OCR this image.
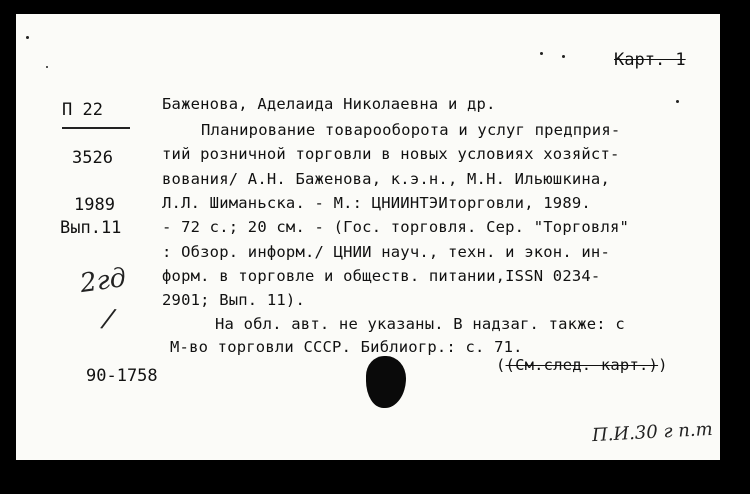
Карт. 1
П 22
3526
1989
Вып.11
2гд
/
90-1758
Баженова, Аделаида Николаевна и др.
Планирование товарооборота и услуг предприя-
тий розничной торговли в новых условиях хозяйст-
вования/ А.Н. Баженова, к.э.н., М.Н. Ильюшкина,
Л.Л. Шиманьска. - М.: ЦНИИНТЭИторговли, 1989.
- 72 с.; 20 см. - (Гос. торговля. Сер. "Торговля"
: Обзор. информ./ ЦНИИ науч., техн. и экон. ин-
форм. в торговле и обществ. питании,ISSN 0234-
2901; Вып. 11).
На обл. авт. не указаны. В надзаг. также: с
М-во торговли СССР. Библиогр.: с. 71.
((См.след. карт.))
П.И.30 г п.т
